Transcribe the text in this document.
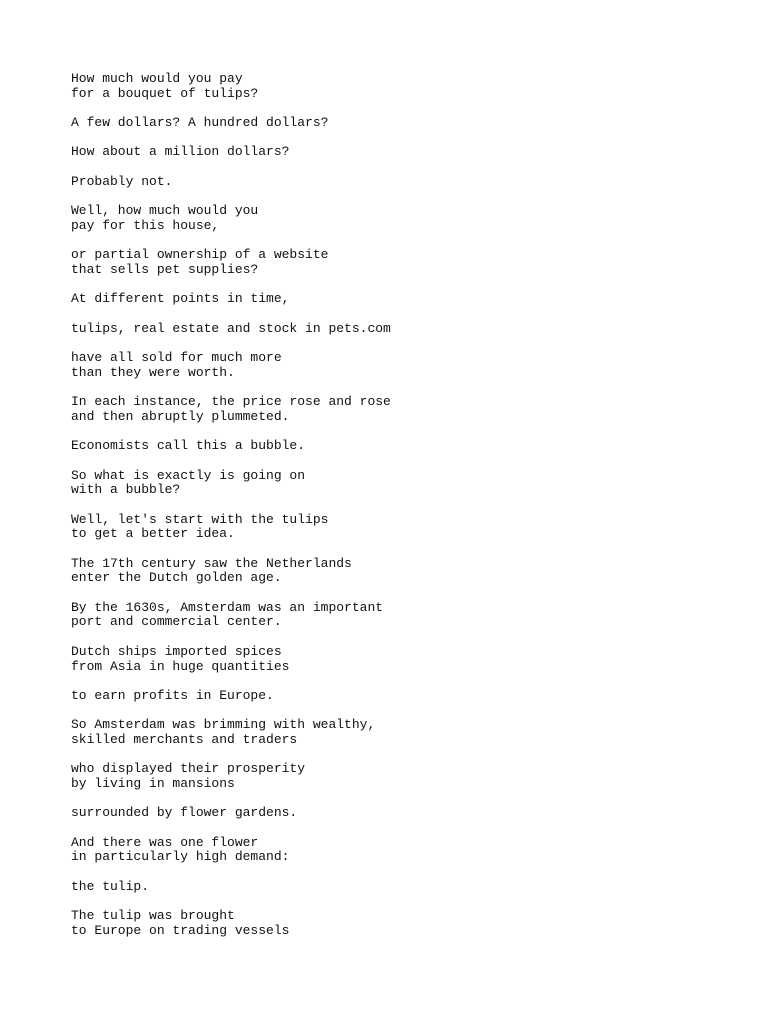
How much would you pay
for a bouquet of tulips?
A few dollars? A hundred dollars?
How about a million dollars?
Probably not.
Well, how much would you
pay for this house,
or partial ownership of a website
that sells pet supplies?
At different points in time,
tulips, real estate and stock in pets.com
have all sold for much more
than they were worth.
In each instance, the price rose and rose
and then abruptly plummeted.
Economists call this a bubble.
So what is exactly is going on
with a bubble?
Well, let's start with the tulips
to get a better idea.
The 17th century saw the Netherlands
enter the Dutch golden age.
By the 1630s, Amsterdam was an important
port and commercial center.
Dutch ships imported spices
from Asia in huge quantities
to earn profits in Europe.
So Amsterdam was brimming with wealthy,
skilled merchants and traders
who displayed their prosperity
by living in mansions
surrounded by flower gardens.
And there was one flower
in particularly high demand:
the tulip.
The tulip was brought
to Europe on trading vessels
